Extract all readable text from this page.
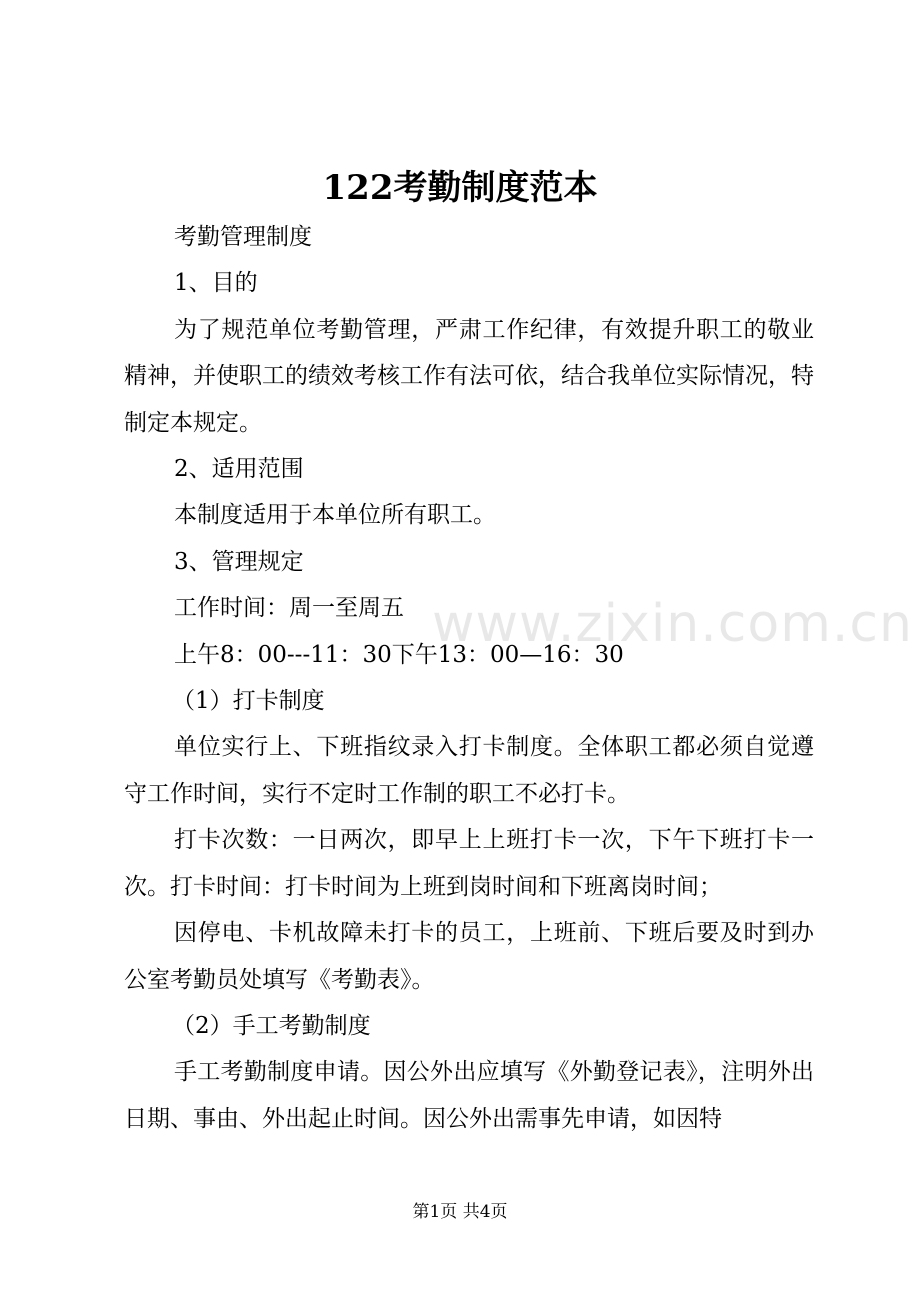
122考勤制度范本

考勤管理制度

1、目的

为了规范单位考勤管理，严肃工作纪律，有效提升职工的敬业精神，并使职工的绩效考核工作有法可依，结合我单位实际情况，特制定本规定。

2、适用范围

本制度适用于本单位所有职工。

3、管理规定

工作时间：周一至周五

上午8：00---11：30下午13：00—16：30

（1）打卡制度

单位实行上、下班指纹录入打卡制度。全体职工都必须自觉遵守工作时间，实行不定时工作制的职工不必打卡。

打卡次数：一日两次，即早上上班打卡一次，下午下班打卡一次。打卡时间：打卡时间为上班到岗时间和下班离岗时间；

因停电、卡机故障未打卡的员工，上班前、下班后要及时到办公室考勤员处填写《考勤表》。

（2）手工考勤制度

手工考勤制度申请。因公外出应填写《外勤登记表》，注明外出日期、事由、外出起止时间。因公外出需事先申请，如因特

www.zixin.com.cn
第1页 共4页
